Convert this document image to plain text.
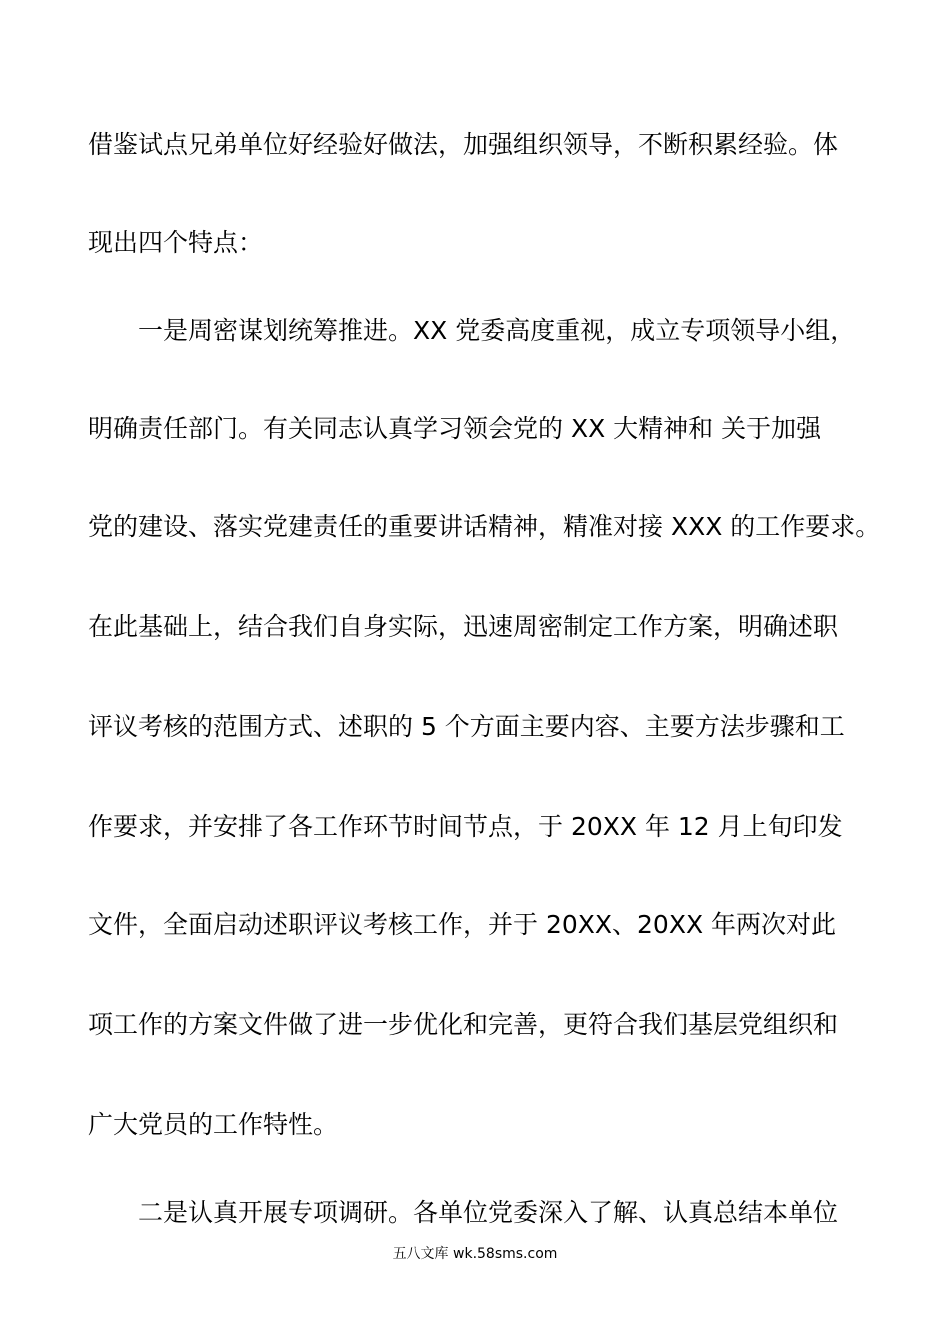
借鉴试点兄弟单位好经验好做法，加强组织领导，不断积累经验。体
现出四个特点：
一是周密谋划统筹推进。XX 党委高度重视，成立专项领导小组，
明确责任部门。有关同志认真学习领会党的 XX 大精神和 关于加强
党的建设、落实党建责任的重要讲话精神，精准对接 XXX 的工作要求。
在此基础上，结合我们自身实际，迅速周密制定工作方案，明确述职
评议考核的范围方式、述职的 5 个方面主要内容、主要方法步骤和工
作要求，并安排了各工作环节时间节点，于 20XX 年 12 月上旬印发
文件，全面启动述职评议考核工作，并于 20XX、20XX 年两次对此
项工作的方案文件做了进一步优化和完善，更符合我们基层党组织和
广大党员的工作特性。
二是认真开展专项调研。各单位党委深入了解、认真总结本单位
五八文库 wk.58sms.com
